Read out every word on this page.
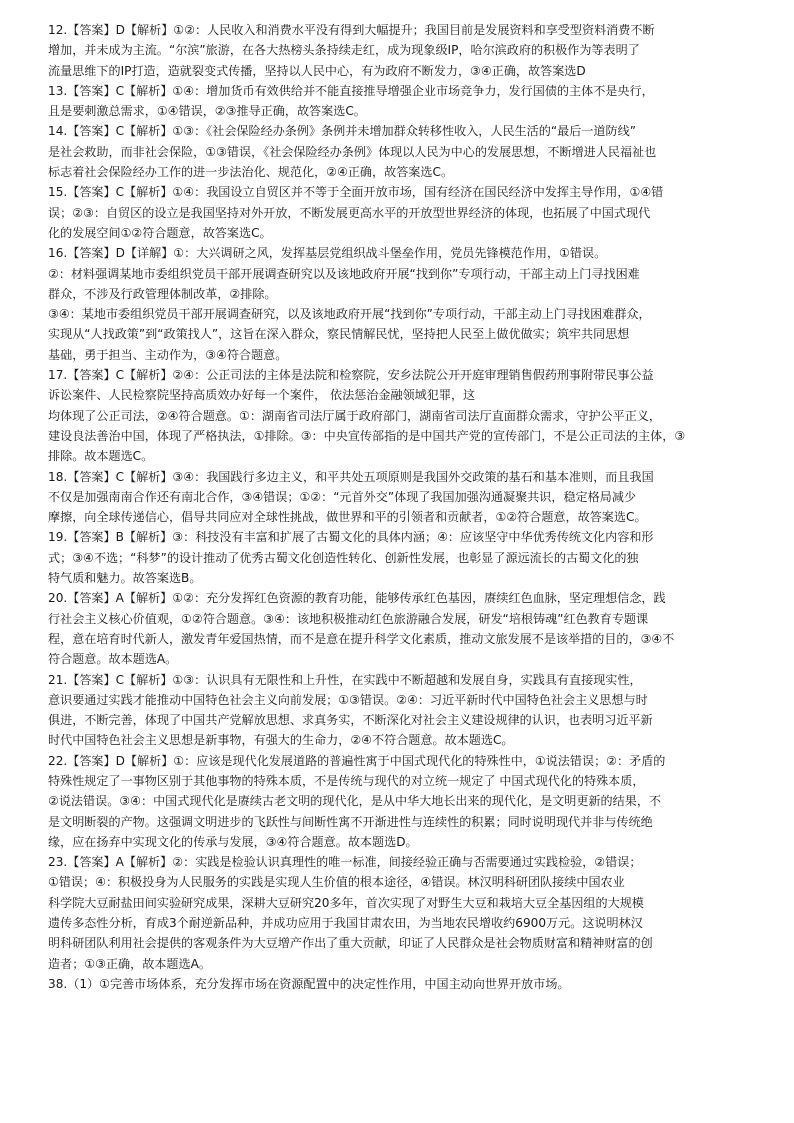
12.【答案】D【解析】①②：人民收入和消费水平没有得到大幅提升；我国目前是发展资料和享受型资料消费不断
增加，并未成为主流。“尔滨”旅游，在各大热榜头条持续走红，成为现象级IP，哈尔滨政府的积极作为等表明了
流量思维下的IP打造，造就裂变式传播，坚持以人民中心，有为政府不断发力，③④正确，故答案选D
13.【答案】C【解析】①④：增加货币有效供给并不能直接推导增强企业市场竞争力，发行国债的主体不是央行，
且是要刺激总需求，①④错误，②③推导正确，故答案选C。
14.【答案】C【解析】①③：《社会保险经办条例》条例并未增加群众转移性收入，人民生活的“最后一道防线”
是社会救助，而非社会保险，①③错误，《社会保险经办条例》体现以人民为中心的发展思想，不断增进人民福祉也
标志着社会保险经办工作的进一步法治化、规范化，②④正确，故答案选C。
15.【答案】C【解析】①④：我国设立自贸区并不等于全面开放市场，国有经济在国民经济中发挥主导作用，①④错
误；②③：自贸区的设立是我国坚持对外开放，不断发展更高水平的开放型世界经济的体现，也拓展了中国式现代
化的发展空间①②符合题意，故答案选C。
16.【答案】D【详解】①：大兴调研之风，发挥基层党组织战斗堡垒作用，党员先锋模范作用，①错误。
②：材料强调某地市委组织党员干部开展调查研究以及该地政府开展“找到你”专项行动，干部主动上门寻找困难
群众，不涉及行政管理体制改革，②排除。
③④：某地市委组织党员干部开展调查研究，以及该地政府开展“找到你”专项行动，干部主动上门寻找困难群众，
实现从“人找政策”到“政策找人”，这旨在深入群众，察民情解民忧，坚持把人民至上做优做实；筑牢共同思想
基础，勇于担当、主动作为，③④符合题意。
17.【答案】C【解析】②④：公正司法的主体是法院和检察院，安乡法院公开开庭审理销售假药刑事附带民事公益
诉讼案件、人民检察院坚持高质效办好每一个案件， 依法惩治金融领域犯罪，这
均体现了公正司法，②④符合题意。①：湖南省司法厅属于政府部门，湖南省司法厅直面群众需求，守护公平正义，
建设良法善治中国，体现了严格执法，①排除。③：中央宣传部指的是中国共产党的宣传部门，不是公正司法的主体，③
排除。故本题选C。
18.【答案】C【解析】③④：我国践行多边主义，和平共处五项原则是我国外交政策的基石和基本准则，而且我国
不仅是加强南南合作还有南北合作，③④错误；①②：“元首外交”体现了我国加强沟通凝聚共识，稳定格局减少
摩擦，向全球传递信心，倡导共同应对全球性挑战，做世界和平的引领者和贡献者，①②符合题意，故答案选C。
19.【答案】B【解析】③：科技没有丰富和扩展了古蜀文化的具体内涵；④：应该坚守中华优秀传统文化内容和形
式；③④不选；“科梦”的设计推动了优秀古蜀文化创造性转化、创新性发展，也彰显了源远流长的古蜀文化的独
特气质和魅力。故答案选B。
20.【答案】A【解析】①②：充分发挥红色资源的教育功能，能够传承红色基因，赓续红色血脉，坚定理想信念，践
行社会主义核心价值观，①②符合题意。③④：该地积极推动红色旅游融合发展，研发“培根铸魂”红色教育专题课
程，意在培育时代新人，激发青年爱国热情，而不是意在提升科学文化素质，推动文旅发展不是该举措的目的，③④不
符合题意。故本题选A。
21.【答案】C【解析】①③：认识具有无限性和上升性，在实践中不断超越和发展自身，实践具有直接现实性，
意识要通过实践才能推动中国特色社会主义向前发展；①③错误。②④：习近平新时代中国特色社会主义思想与时
俱进，不断完善，体现了中国共产党解放思想、求真务实，不断深化对社会主义建设规律的认识，也表明习近平新
时代中国特色社会主义思想是新事物，有强大的生命力，②④不符合题意。故本题选C。
22.【答案】D【解析】①：应该是现代化发展道路的普遍性寓于中国式现代化的特殊性中，①说法错误；②：矛盾的
特殊性规定了一事物区别于其他事物的特殊本质，不是传统与现代的对立统一规定了 中国式现代化的特殊本质，
②说法错误。③④：中国式现代化是赓续古老文明的现代化，是从中华大地长出来的现代化，是文明更新的结果，不
是文明断裂的产物。这强调文明进步的飞跃性与间断性寓不开渐进性与连续性的积累；同时说明现代并非与传统绝
缘，应在扬弃中实现文化的传承与发展，③④符合题意。故本题选D。
23.【答案】A【解析】②：实践是检验认识真理性的唯一标准，间接经验正确与否需要通过实践检验，②错误；
①错误；④：积极投身为人民服务的实践是实现人生价值的根本途径，④错误。林汉明科研团队接续中国农业
科学院大豆耐盐田间实验研究成果，深耕大豆研究20多年，首次实现了对野生大豆和栽培大豆全基因组的大规模
遗传多态性分析，育成3个耐逆新品种，并成功应用于我国甘肃农田，为当地农民增收约6900万元。这说明林汉
明科研团队利用社会提供的客观条件为大豆增产作出了重大贡献，印证了人民群众是社会物质财富和精神财富的创
造者；①③正确，故本题选A。
38.（1）①完善市场体系，充分发挥市场在资源配置中的决定性作用，中国主动向世界开放市场。
